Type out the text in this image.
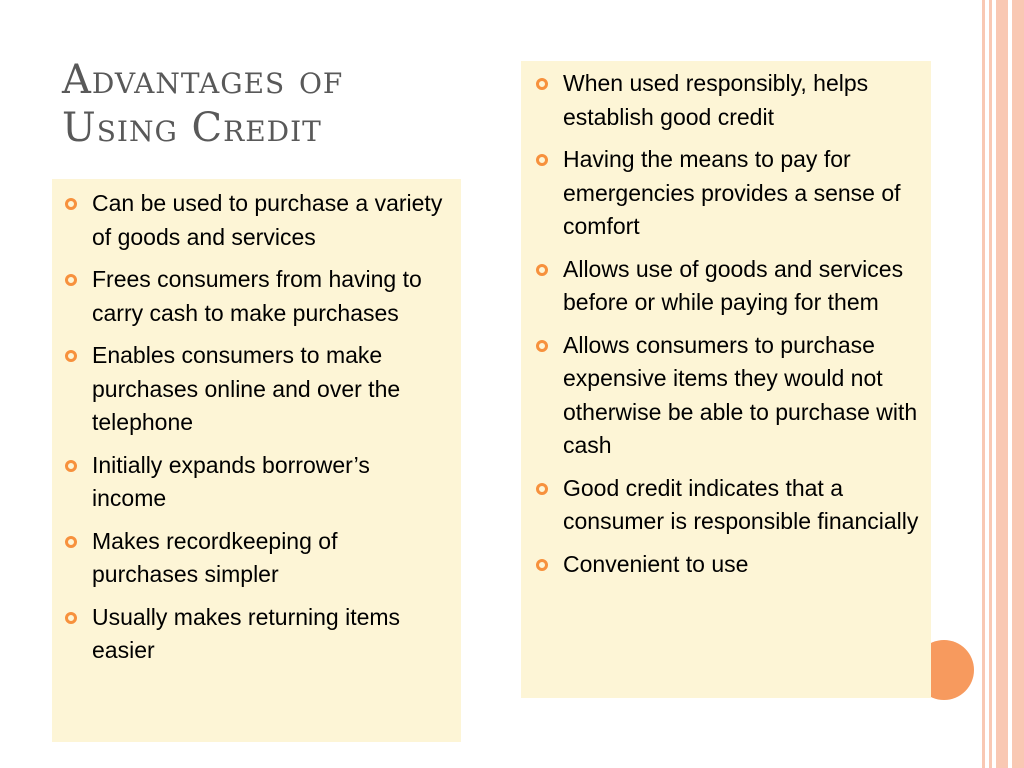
Advantages of
Using Credit
Can be used to purchase a variety of goods and services
Frees consumers from having to carry cash to make purchases
Enables consumers to make purchases online and over the telephone
Initially expands borrower’s income
Makes recordkeeping of purchases simpler
Usually makes returning items easier
When used responsibly, helps establish good credit
Having the means to pay for emergencies provides a sense of comfort
Allows use of goods and services before or while paying for them
Allows consumers to purchase expensive items they would not otherwise be able to purchase with cash
Good credit indicates that a consumer is responsible financially
Convenient to use
